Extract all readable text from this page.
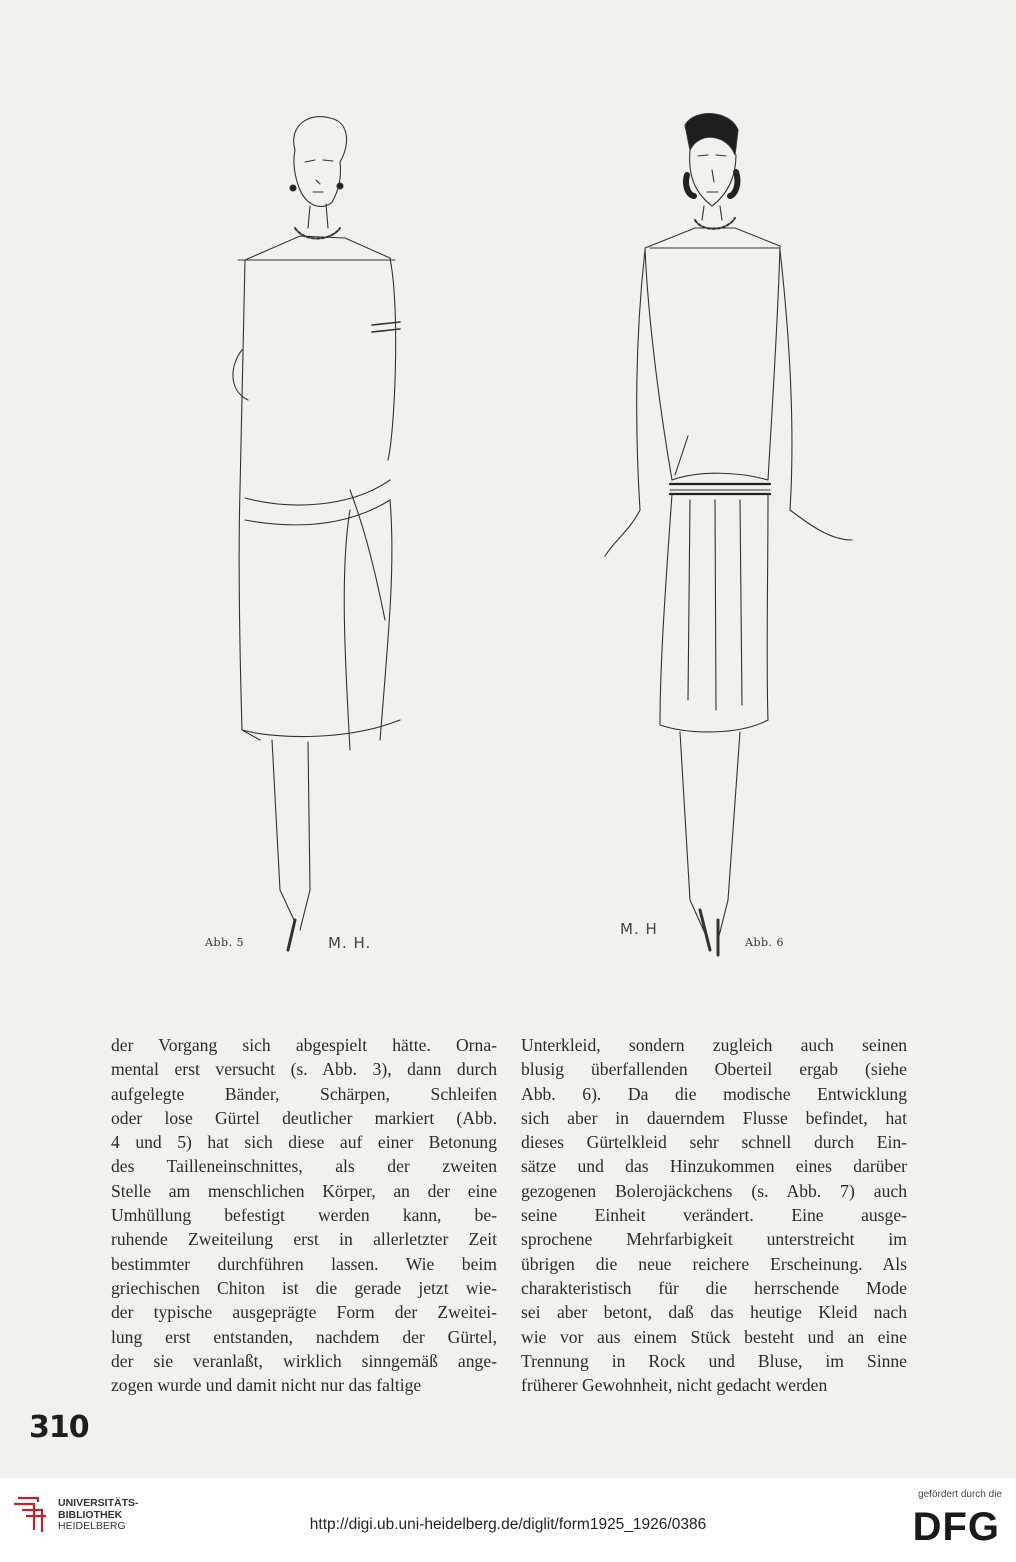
Abb. 5	M. H.
M. H
Abb. 6
der Vorgang sich abgespielt hätte. Orna-
mental erst versucht (s. Abb. 3), dann durch
aufgelegte Bänder, Schärpen, Schleifen
oder lose Gürtel deutlicher markiert (Abb.
4 und 5) hat sich diese auf einer Betonung
des Tailleneinschnittes, als der zweiten
Stelle am menschlichen Körper, an der eine
Umhüllung befestigt werden kann, be-
ruhende Zweiteilung erst in allerletzter Zeit
bestimmter durchführen lassen. Wie beim
griechischen Chiton ist die gerade jetzt wie-
der typische ausgeprägte Form der Zweitei-
lung erst entstanden, nachdem der Gürtel,
der sie veranlaßt, wirklich sinngemäß ange-
zogen wurde und damit nicht nur das faltige
Unterkleid, sondern zugleich auch seinen
blusig überfallenden Oberteil ergab (siehe
Abb. 6). Da die modische Entwicklung
sich aber in dauerndem Flusse befindet, hat
dieses Gürtelkleid sehr schnell durch Ein-
sätze und das Hinzukommen eines darüber
gezogenen Bolerojäckchens (s. Abb. 7) auch
seine Einheit verändert. Eine ausge-
sprochene Mehrfarbigkeit unterstreicht im
übrigen die neue reichere Erscheinung. Als
charakteristisch für die herrschende Mode
sei aber betont, daß das heutige Kleid nach
wie vor aus einem Stück besteht und an eine
Trennung in Rock und Bluse, im Sinne
früherer Gewohnheit, nicht gedacht werden
310
UNIVERSITÄTS-
BIBLIOTHEK
HEIDELBERG	http://digi.ub.uni-heidelberg.de/diglit/form1925_1926/0386
gefördert durch die
DFG
